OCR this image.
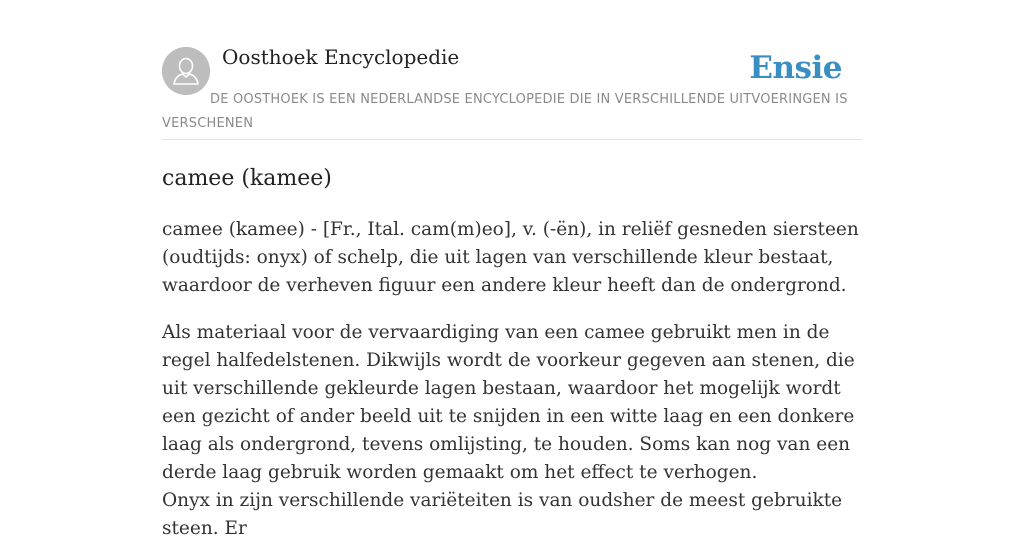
Oosthoek Encyclopedie	Ensie

DE OOSTHOEK IS EEN NEDERLANDSE ENCYCLOPEDIE DIE IN VERSCHILLENDE UITVOERINGEN IS VERSCHENEN

camee (kamee)

camee (kamee) - [Fr., Ital. cam(m)eo], v. (-ën), in reliëf gesneden siersteen (oudtijds: onyx) of schelp, die uit lagen van verschillende kleur bestaat, waardoor de verheven figuur een andere kleur heeft dan de ondergrond.

Als materiaal voor de vervaardiging van een camee gebruikt men in de regel halfedelstenen. Dikwijls wordt de voorkeur gegeven aan stenen, die uit verschillende gekleurde lagen bestaan, waardoor het mogelijk wordt een gezicht of ander beeld uit te snijden in een witte laag en een donkere laag als ondergrond, tevens omlijsting, te houden. Soms kan nog van een derde laag gebruik worden gemaakt om het effect te verhogen.

Onyx in zijn verschillende variëteiten is van oudsher de meest gebruikte steen. Er
